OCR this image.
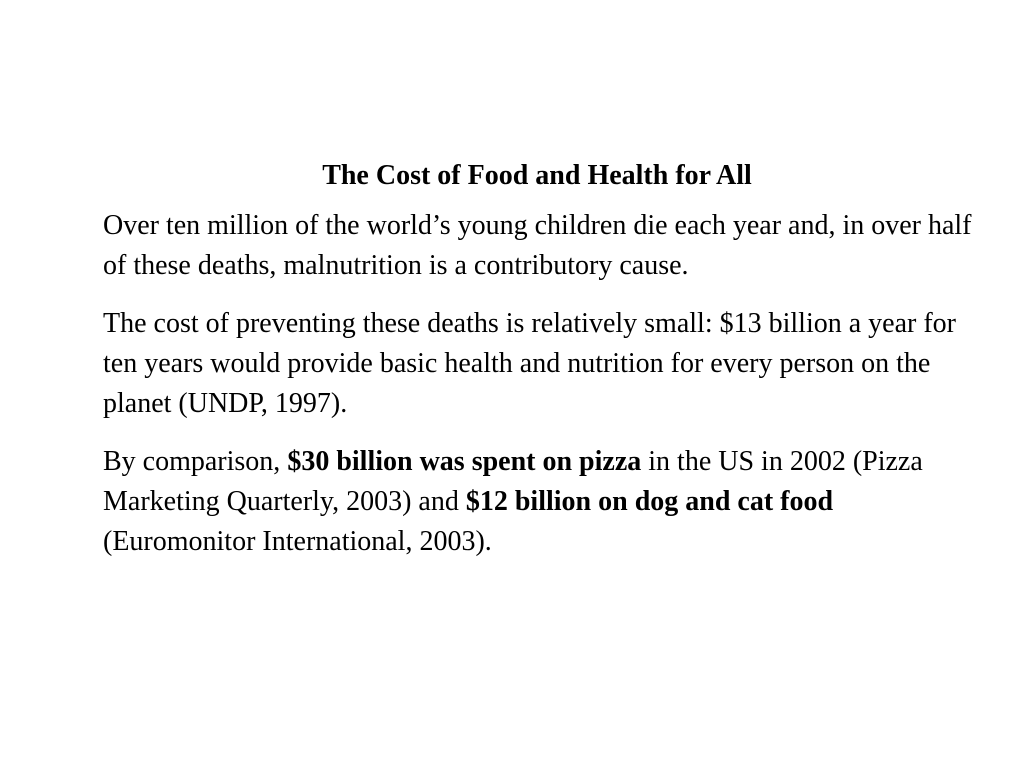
The Cost of Food and Health for All

Over ten million of the world’s young children die each year and, in over half of these deaths, malnutrition is a contributory cause.

The cost of preventing these deaths is relatively small: $13 billion a year for ten years would provide basic health and nutrition for every person on the planet (UNDP, 1997).

By comparison, $30 billion was spent on pizza in the US in 2002 (Pizza Marketing Quarterly, 2003) and $12 billion on dog and cat food (Euromonitor International, 2003).
